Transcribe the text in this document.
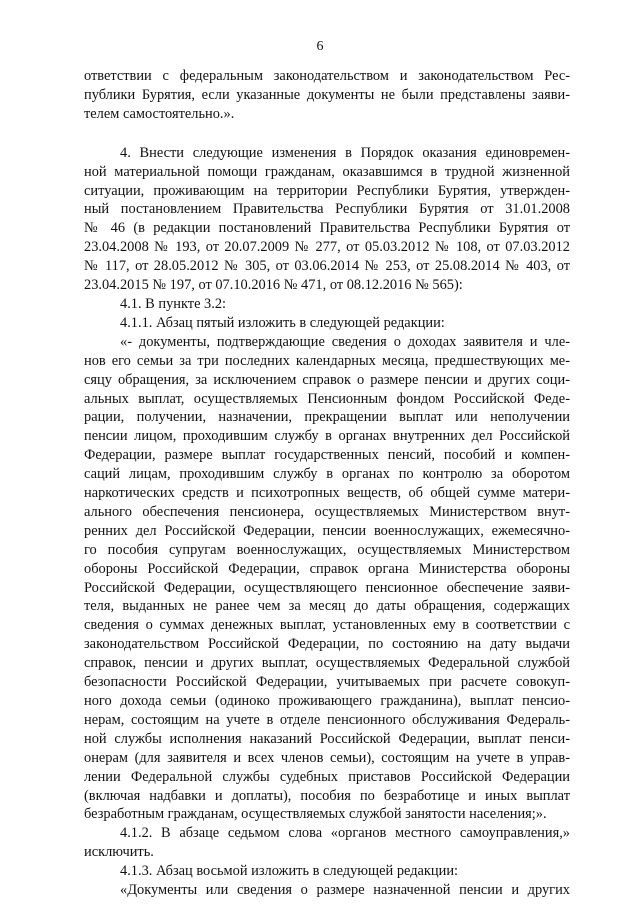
6
ответствии с федеральным законодательством и законодательством Рес-
публики Бурятия, если указанные документы не были представлены заяви-
телем самостоятельно.».
4. Внести следующие изменения в Порядок оказания единовремен-
ной материальной помощи гражданам, оказавшимся в трудной жизненной
ситуации, проживающим на территории Республики Бурятия, утвержден-
ный постановлением Правительства Республики Бурятия от 31.01.2008
№ 46 (в редакции постановлений Правительства Республики Бурятия от
23.04.2008 № 193, от 20.07.2009 № 277, от 05.03.2012 № 108, от 07.03.2012
№ 117, от 28.05.2012 № 305, от 03.06.2014 № 253, от 25.08.2014 № 403, от
23.04.2015 № 197, от 07.10.2016 № 471, от 08.12.2016 № 565):
4.1. В пункте 3.2:
4.1.1. Абзац пятый изложить в следующей редакции:
«- документы, подтверждающие сведения о доходах заявителя и чле-
нов его семьи за три последних календарных месяца, предшествующих ме-
сяцу обращения, за исключением справок о размере пенсии и других соци-
альных выплат, осуществляемых Пенсионным фондом Российской Феде-
рации, получении, назначении, прекращении выплат или неполучении
пенсии лицом, проходившим службу в органах внутренних дел Российской
Федерации, размере выплат государственных пенсий, пособий и компен-
саций лицам, проходившим службу в органах по контролю за оборотом
наркотических средств и психотропных веществ, об общей сумме матери-
ального обеспечения пенсионера, осуществляемых Министерством внут-
ренних дел Российской Федерации, пенсии военнослужащих, ежемесячно-
го пособия супругам военнослужащих, осуществляемых Министерством
обороны Российской Федерации, справок органа Министерства обороны
Российской Федерации, осуществляющего пенсионное обеспечение заяви-
теля, выданных не ранее чем за месяц до даты обращения, содержащих
сведения о суммах денежных выплат, установленных ему в соответствии с
законодательством Российской Федерации, по состоянию на дату выдачи
справок, пенсии и других выплат, осуществляемых Федеральной службой
безопасности Российской Федерации, учитываемых при расчете совокуп-
ного дохода семьи (одиноко проживающего гражданина), выплат пенсио-
нерам, состоящим на учете в отделе пенсионного обслуживания Федераль-
ной службы исполнения наказаний Российской Федерации, выплат пенси-
онерам (для заявителя и всех членов семьи), состоящим на учете в управ-
лении Федеральной службы судебных приставов Российской Федерации
(включая надбавки и доплаты), пособия по безработице и иных выплат
безработным гражданам, осуществляемых службой занятости населения;».
4.1.2. В абзаце седьмом слова «органов местного самоуправления,»
исключить.
4.1.3. Абзац восьмой изложить в следующей редакции:
«Документы или сведения о размере назначенной пенсии и других
